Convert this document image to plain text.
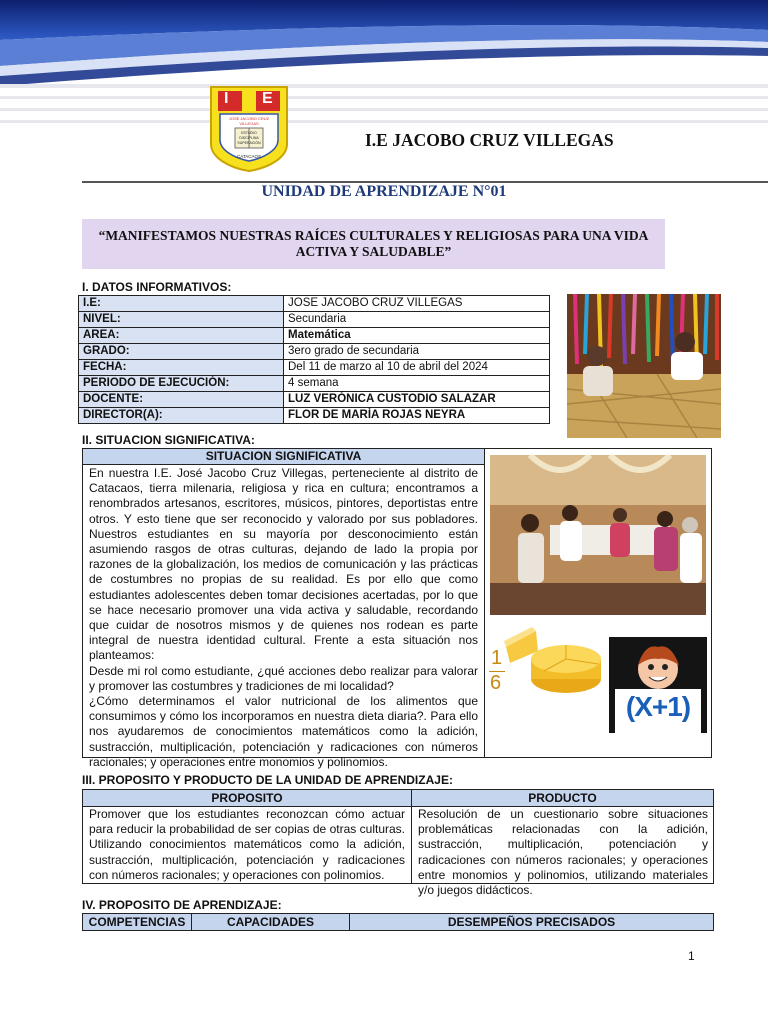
I E
JOSÉ JACOBO CRUZ VILLEGAS
ESTUDIO DISCIPLINA SUPERACIÓN
CATACAOS
I.E JACOBO CRUZ VILLEGAS
UNIDAD DE APRENDIZAJE N°01
“MANIFESTAMOS NUESTRAS RAÍCES CULTURALES Y RELIGIOSAS PARA UNA VIDA ACTIVA Y SALUDABLE”
I. DATOS INFORMATIVOS:
I.E:	JOSE JACOBO CRUZ VILLEGAS
NIVEL:	Secundaria
AREA:	Matemática
GRADO:	3ero grado de secundaria
FECHA:	Del 11 de marzo al 10 de abril del 2024
PERIODO DE EJECUCIÓN:	4 semana
DOCENTE:	LUZ VERÓNICA CUSTODIO SALAZAR
DIRECTOR(A):	FLOR DE MARÍA ROJAS NEYRA
II. SITUACION SIGNIFICATIVA:
SITUACION SIGNIFICATIVA
En nuestra I.E. José Jacobo Cruz Villegas, perteneciente al distrito de Catacaos, tierra milenaria, religiosa y rica en cultura; encontramos a renombrados artesanos, escritores, músicos, pintores, deportistas entre otros. Y esto tiene que ser reconocido y valorado por sus pobladores. Nuestros estudiantes en su mayoría por desconocimiento están asumiendo rasgos de otras culturas, dejando de lado la propia por razones de la globalización, los medios de comunicación y las prácticas de costumbres no propias de su realidad. Es por ello que como estudiantes adolescentes deben tomar decisiones acertadas, por lo que se hace necesario promover una vida activa y saludable, recordando que cuidar de nosotros mismos y de quienes nos rodean es parte integral de nuestra identidad cultural. Frente a esta situación nos planteamos:
Desde mi rol como estudiante, ¿qué acciones debo realizar para valorar y promover las costumbres y tradiciones de mi localidad?
¿Cómo determinamos el valor nutricional de los alimentos que consumimos y cómo los incorporamos en nuestra dieta diaria?. Para ello nos ayudaremos de conocimientos matemáticos como la adición, sustracción, multiplicación, potenciación y radicaciones con números racionales; y operaciones entre monomios y polinomios.
1
6
(X+1)
III. PROPOSITO Y PRODUCTO DE LA UNIDAD DE APRENDIZAJE:
PROPOSITO	PRODUCTO
Promover que los estudiantes reconozcan cómo actuar para reducir la probabilidad de ser copias de otras culturas. Utilizando conocimientos matemáticos como la adición, sustracción, multiplicación, potenciación y radicaciones con números racionales; y operaciones con polinomios.
Resolución de un cuestionario sobre situaciones problemáticas relacionadas con la adición, sustracción, multiplicación, potenciación y radicaciones con números racionales; y operaciones entre monomios y polinomios, utilizando materiales y/o juegos didácticos.
IV. PROPOSITO DE APRENDIZAJE:
COMPETENCIAS	CAPACIDADES	DESEMPEÑOS PRECISADOS
1
